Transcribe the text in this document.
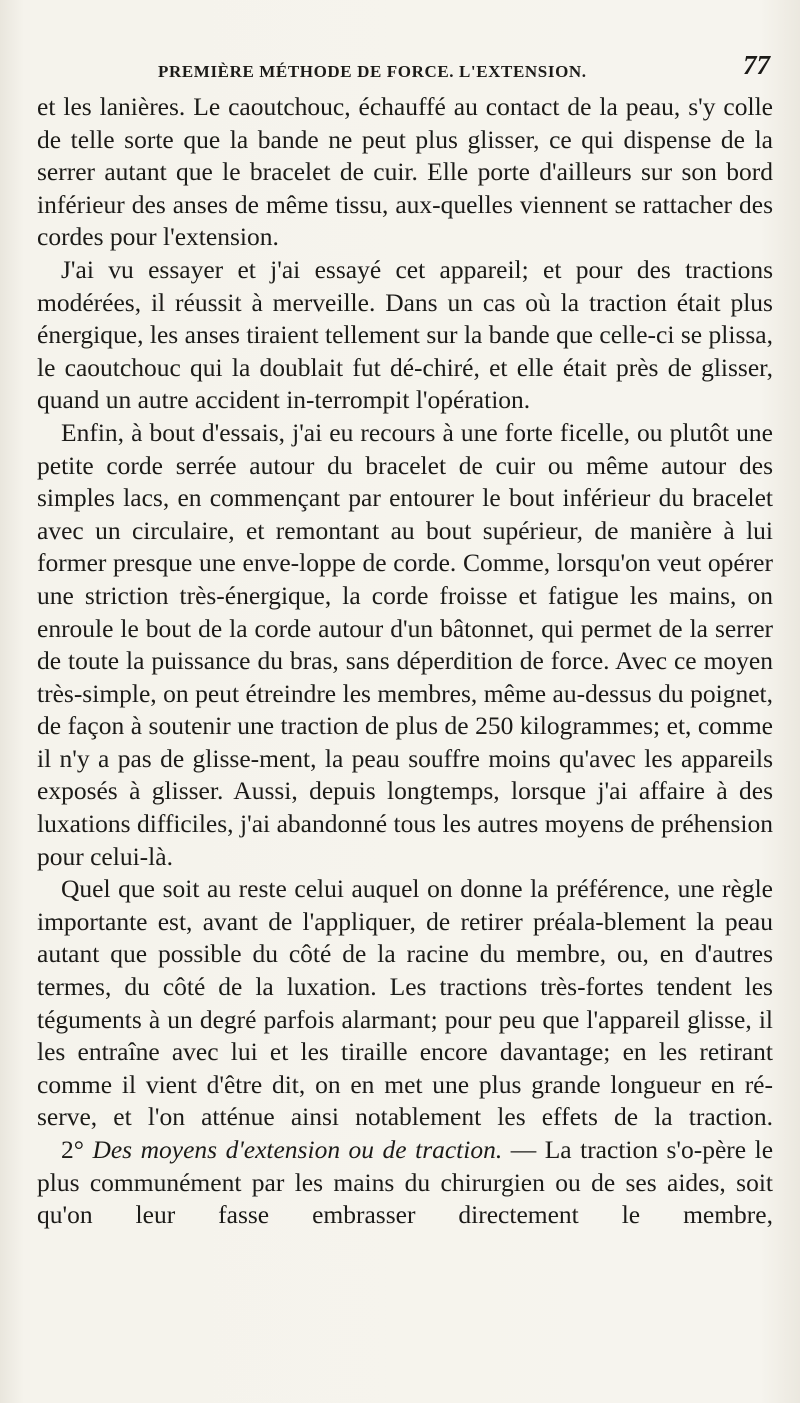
PREMIÈRE MÉTHODE DE FORCE. L'EXTENSION.	77

et les lanières. Le caoutchouc, échauffé au contact de la peau, s'y colle de telle sorte que la bande ne peut plus glisser, ce qui dispense de la serrer autant que le bracelet de cuir. Elle porte d'ailleurs sur son bord inférieur des anses de même tissu, aux-quelles viennent se rattacher des cordes pour l'extension.

J'ai vu essayer et j'ai essayé cet appareil; et pour des tractions modérées, il réussit à merveille. Dans un cas où la traction était plus énergique, les anses tiraient tellement sur la bande que celle-ci se plissa, le caoutchouc qui la doublait fut dé-chiré, et elle était près de glisser, quand un autre accident in-terrompit l'opération.

Enfin, à bout d'essais, j'ai eu recours à une forte ficelle, ou plutôt une petite corde serrée autour du bracelet de cuir ou même autour des simples lacs, en commençant par entourer le bout inférieur du bracelet avec un circulaire, et remontant au bout supérieur, de manière à lui former presque une enve-loppe de corde. Comme, lorsqu'on veut opérer une striction très-énergique, la corde froisse et fatigue les mains, on enroule le bout de la corde autour d'un bâtonnet, qui permet de la serrer de toute la puissance du bras, sans déperdition de force. Avec ce moyen très-simple, on peut étreindre les membres, même au-dessus du poignet, de façon à soutenir une traction de plus de 250 kilogrammes; et, comme il n'y a pas de glisse-ment, la peau souffre moins qu'avec les appareils exposés à glisser. Aussi, depuis longtemps, lorsque j'ai affaire à des luxations difficiles, j'ai abandonné tous les autres moyens de préhension pour celui-là.

Quel que soit au reste celui auquel on donne la préférence, une règle importante est, avant de l'appliquer, de retirer préala-blement la peau autant que possible du côté de la racine du membre, ou, en d'autres termes, du côté de la luxation. Les tractions très-fortes tendent les téguments à un degré parfois alarmant; pour peu que l'appareil glisse, il les entraîne avec lui et les tiraille encore davantage; en les retirant comme il vient d'être dit, on en met une plus grande longueur en ré-serve, et l'on atténue ainsi notablement les effets de la traction.

2° Des moyens d'extension ou de traction. — La traction s'o-père le plus communément par les mains du chirurgien ou de ses aides, soit qu'on leur fasse embrasser directement le membre,
